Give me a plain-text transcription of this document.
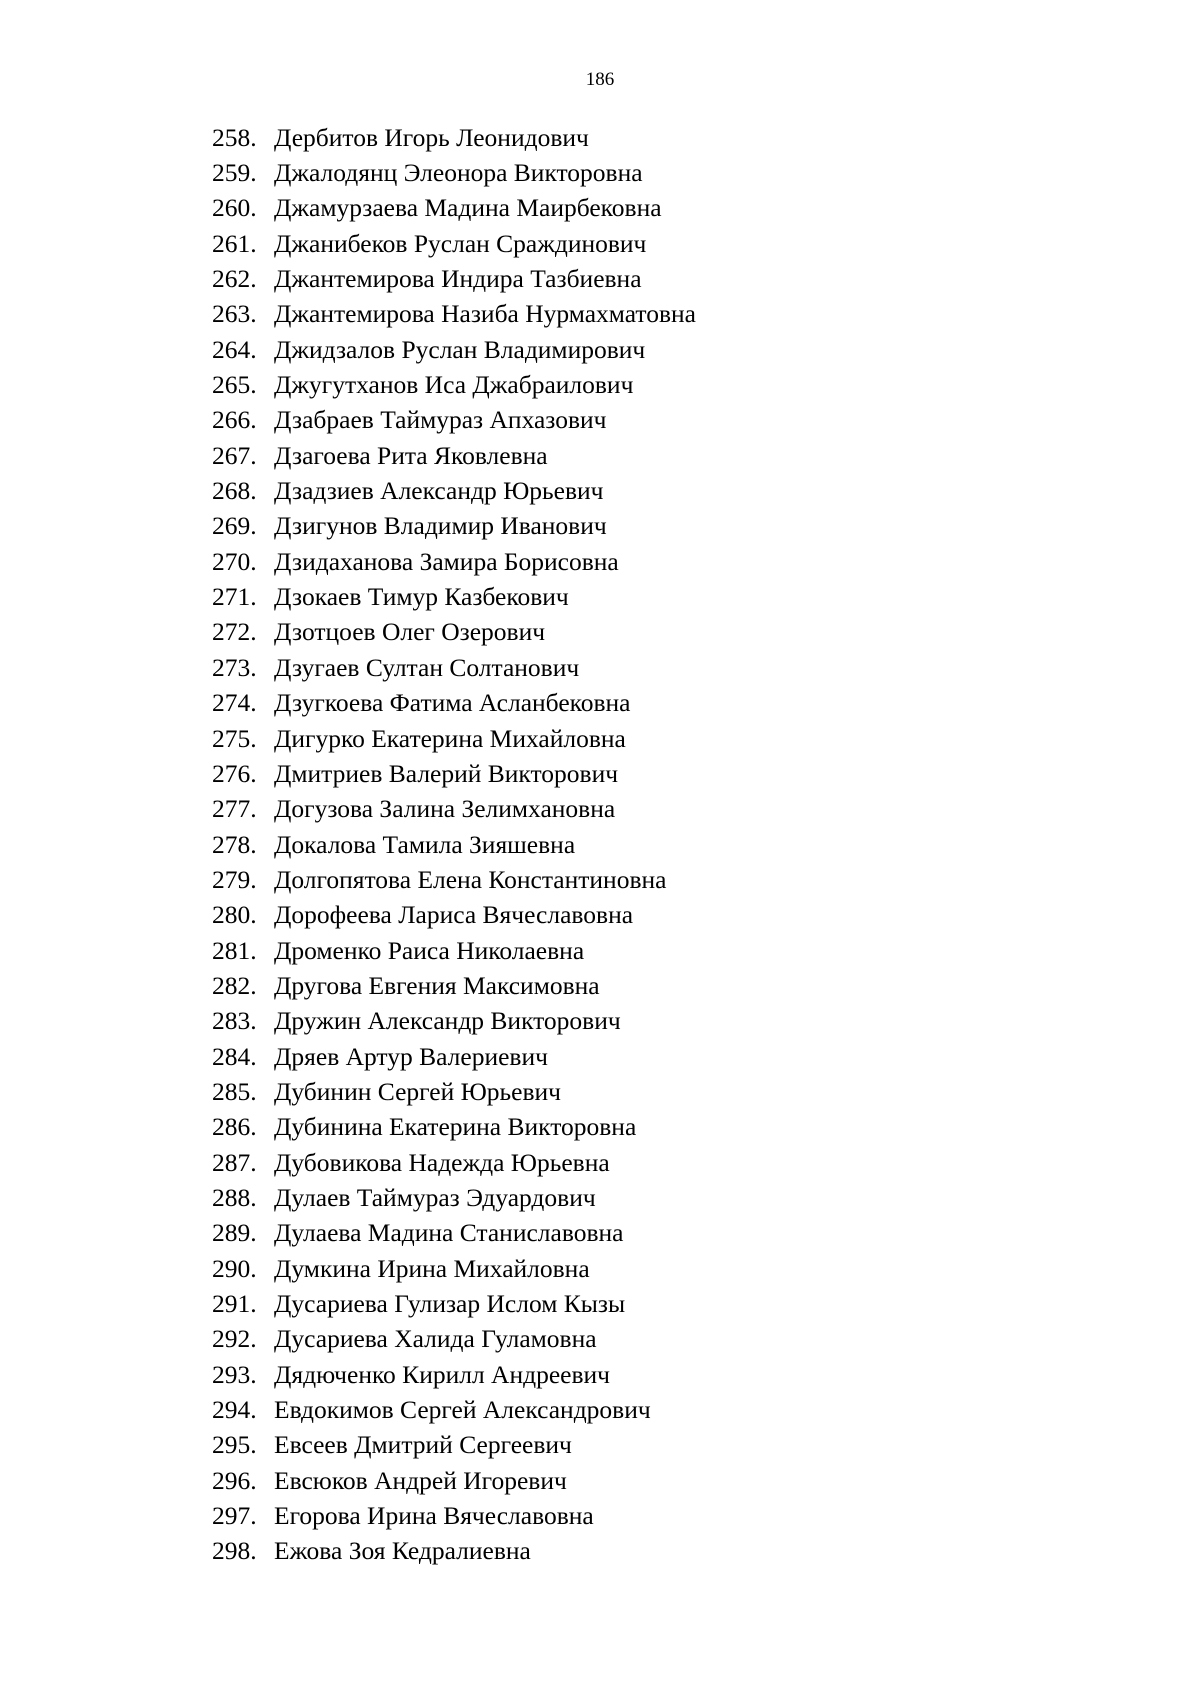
186
258. Дербитов Игорь Леонидович
259. Джалодянц Элеонора Викторовна
260. Джамурзаева Мадина Маирбековна
261. Джанибеков Руслан Сраждинович
262. Джантемирова Индира Тазбиевна
263. Джантемирова Назиба Нурмахматовна
264. Джидзалов Руслан Владимирович
265. Джугутханов Иса Джабраилович
266. Дзабраев Таймураз Апхазович
267. Дзагоева Рита Яковлевна
268. Дзадзиев Александр Юрьевич
269. Дзигунов Владимир Иванович
270. Дзидаханова Замира Борисовна
271. Дзокаев Тимур Казбекович
272. Дзотцоев Олег Озерович
273. Дзугаев Султан Солтанович
274. Дзугкоева Фатима Асланбековна
275. Дигурко Екатерина Михайловна
276. Дмитриев Валерий Викторович
277. Догузова Залина Зелимхановна
278. Докалова Тамила Зияшевна
279. Долгопятова Елена Константиновна
280. Дорофеева Лариса Вячеславовна
281. Дроменко Раиса Николаевна
282. Другова Евгения Максимовна
283. Дружин Александр Викторович
284. Дряев Артур Валериевич
285. Дубинин Сергей Юрьевич
286. Дубинина Екатерина Викторовна
287. Дубовикова Надежда Юрьевна
288. Дулаев Таймураз Эдуардович
289. Дулаева Мадина Станиславовна
290. Думкина Ирина Михайловна
291. Дусариева Гулизар Ислом Кызы
292. Дусариева Халида Гуламовна
293. Дядюченко Кирилл Андреевич
294. Евдокимов Сергей Александрович
295. Евсеев Дмитрий Сергеевич
296. Евсюков Андрей Игоревич
297. Егорова Ирина Вячеславовна
298. Ежова Зоя Кедралиевна
